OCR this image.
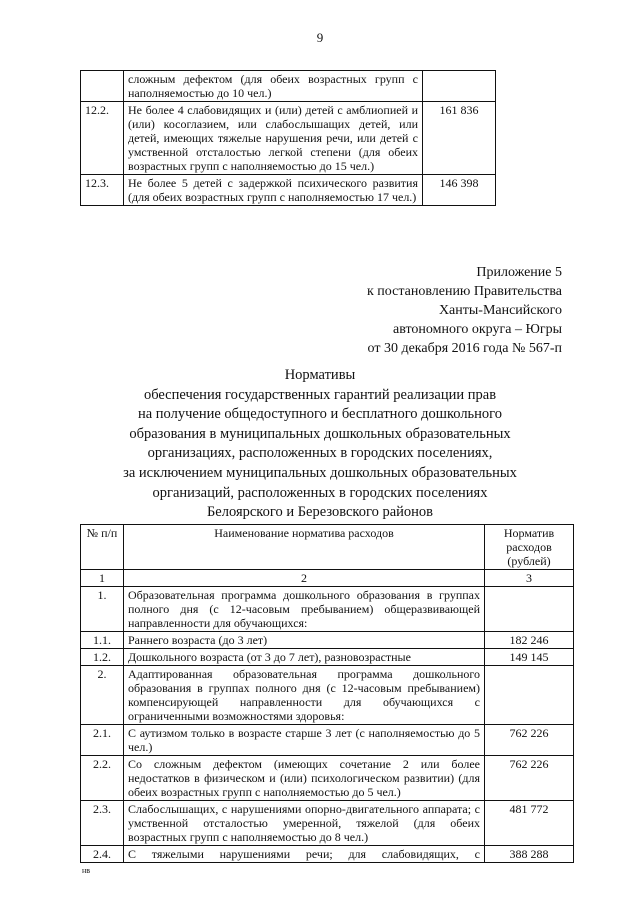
9
	сложным дефектом (для обеих возрастных групп с наполняемостью до 10 чел.)	
12.2.	Не более 4 слабовидящих и (или) детей с амблиопией и (или) косоглазием, или слабослышащих детей, или детей, имеющих тяжелые нарушения речи, или детей с умственной отсталостью легкой степени (для обеих возрастных групп с наполняемостью до 15 чел.)	161 836
12.3.	Не более 5 детей с задержкой психического развития (для обеих возрастных групп с наполняемостью 17 чел.)	146 398
Приложение 5
к постановлению Правительства
Ханты-Мансийского
автономного округа – Югры
от 30 декабря 2016 года № 567-п
Нормативы
обеспечения государственных гарантий реализации прав
на получение общедоступного и бесплатного дошкольного
образования в муниципальных дошкольных образовательных
организациях, расположенных в городских поселениях,
за исключением муниципальных дошкольных образовательных
организаций, расположенных в городских поселениях
Белоярского и Березовского районов
№ п/п	Наименование норматива расходов	Норматив расходов (рублей)
1	2	3
1.	Образовательная программа дошкольного образования в группах полного дня (с 12-часовым пребыванием) общеразвивающей направленности для обучающихся:	
1.1.	Раннего возраста (до 3 лет)	182 246
1.2.	Дошкольного возраста (от 3 до 7 лет), разновозрастные	149 145
2.	Адаптированная образовательная программа дошкольного образования в группах полного дня (с 12-часовым пребыванием) компенсирующей направленности для обучающихся с ограниченными возможностями здоровья:	
2.1.	С аутизмом только в возрасте старше 3 лет (с наполняемостью до 5 чел.)	762 226
2.2.	Со сложным дефектом (имеющих сочетание 2 или более недостатков в физическом и (или) психологическом развитии) (для обеих возрастных групп с наполняемостью до 5 чел.)	762 226
2.3.	Слабослышащих, с нарушениями опорно-двигательного аппарата; с умственной отсталостью умеренной, тяжелой (для обеих возрастных групп с наполняемостью до 8 чел.)	481 772
2.4.	С тяжелыми нарушениями речи; для слабовидящих, с	388 288
нв
